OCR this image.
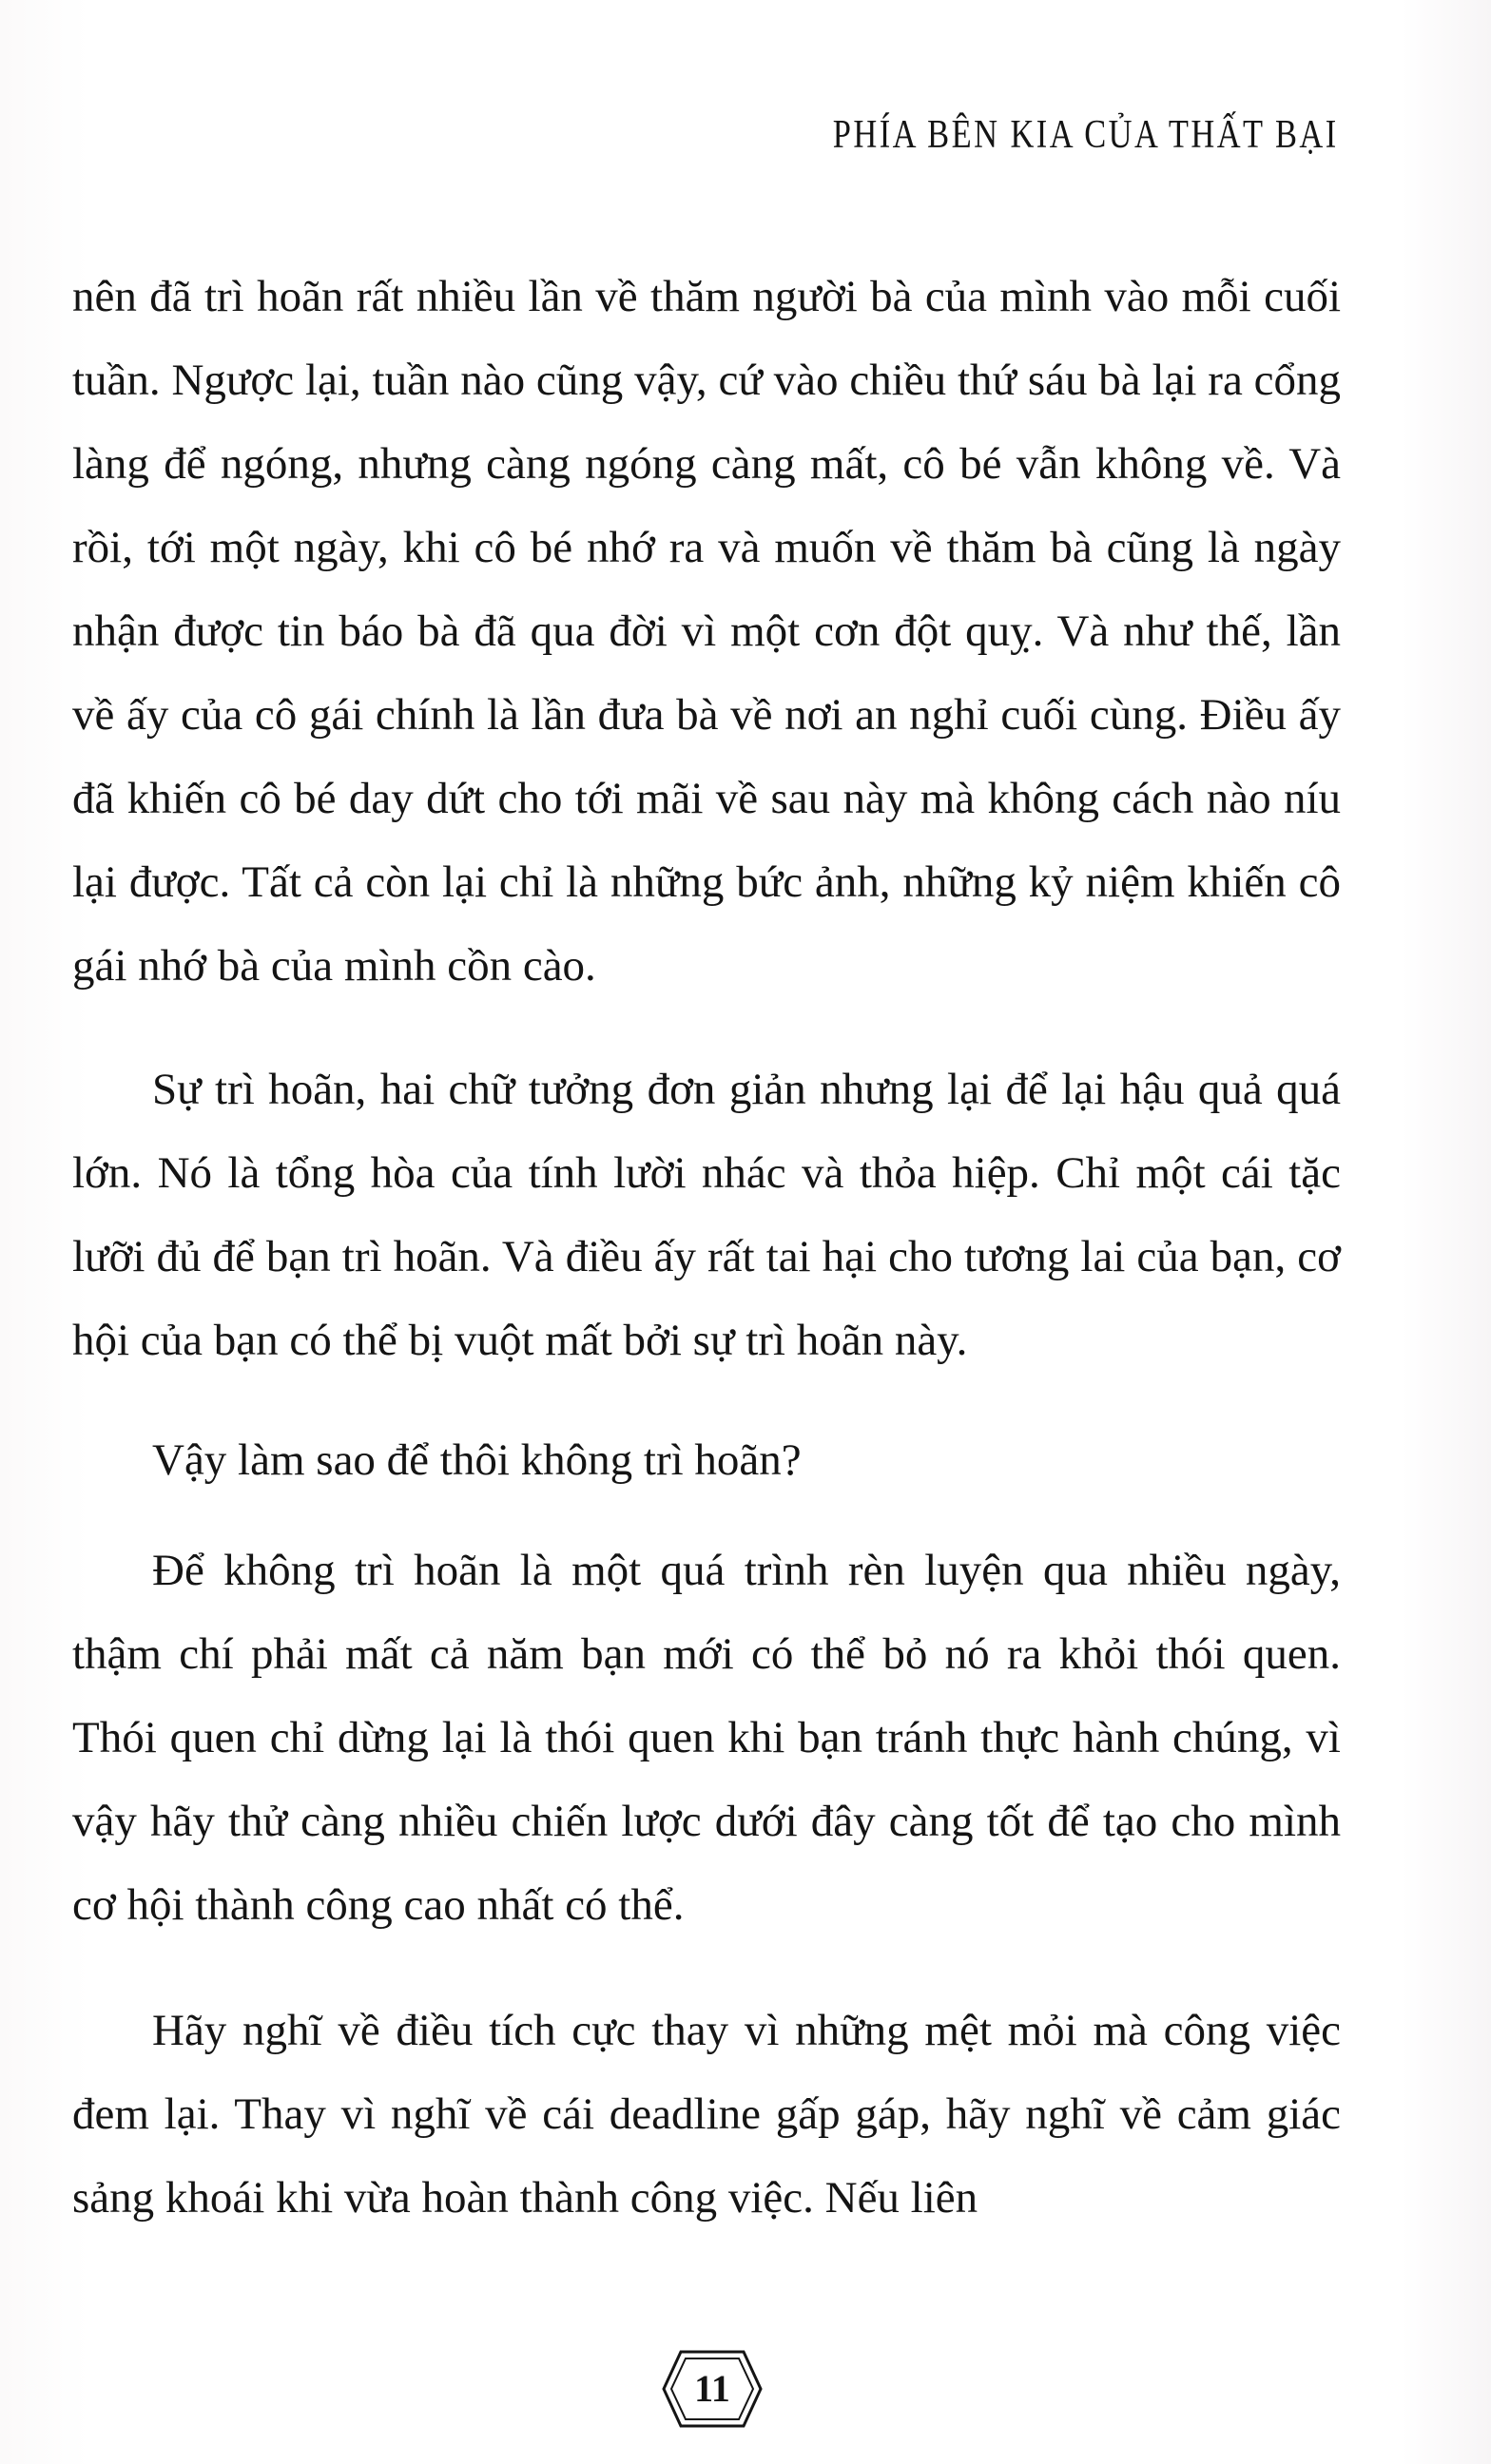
PHÍA BÊN KIA CỦA THẤT BẠI

nên đã trì hoãn rất nhiều lần về thăm người bà của mình vào mỗi cuối tuần. Ngược lại, tuần nào cũng vậy, cứ vào chiều thứ sáu bà lại ra cổng làng để ngóng, nhưng càng ngóng càng mất, cô bé vẫn không về. Và rồi, tới một ngày, khi cô bé nhớ ra và muốn về thăm bà cũng là ngày nhận được tin báo bà đã qua đời vì một cơn đột quỵ. Và như thế, lần về ấy của cô gái chính là lần đưa bà về nơi an nghỉ cuối cùng. Điều ấy đã khiến cô bé day dứt cho tới mãi về sau này mà không cách nào níu lại được. Tất cả còn lại chỉ là những bức ảnh, những kỷ niệm khiến cô gái nhớ bà của mình cồn cào.

Sự trì hoãn, hai chữ tưởng đơn giản nhưng lại để lại hậu quả quá lớn. Nó là tổng hòa của tính lười nhác và thỏa hiệp. Chỉ một cái tặc lưỡi đủ để bạn trì hoãn. Và điều ấy rất tai hại cho tương lai của bạn, cơ hội của bạn có thể bị vuột mất bởi sự trì hoãn này.

Vậy làm sao để thôi không trì hoãn?

Để không trì hoãn là một quá trình rèn luyện qua nhiều ngày, thậm chí phải mất cả năm bạn mới có thể bỏ nó ra khỏi thói quen. Thói quen chỉ dừng lại là thói quen khi bạn tránh thực hành chúng, vì vậy hãy thử càng nhiều chiến lược dưới đây càng tốt để tạo cho mình cơ hội thành công cao nhất có thể.

Hãy nghĩ về điều tích cực thay vì những mệt mỏi mà công việc đem lại. Thay vì nghĩ về cái deadline gấp gáp, hãy nghĩ về cảm giác sảng khoái khi vừa hoàn thành công việc. Nếu liên

11
